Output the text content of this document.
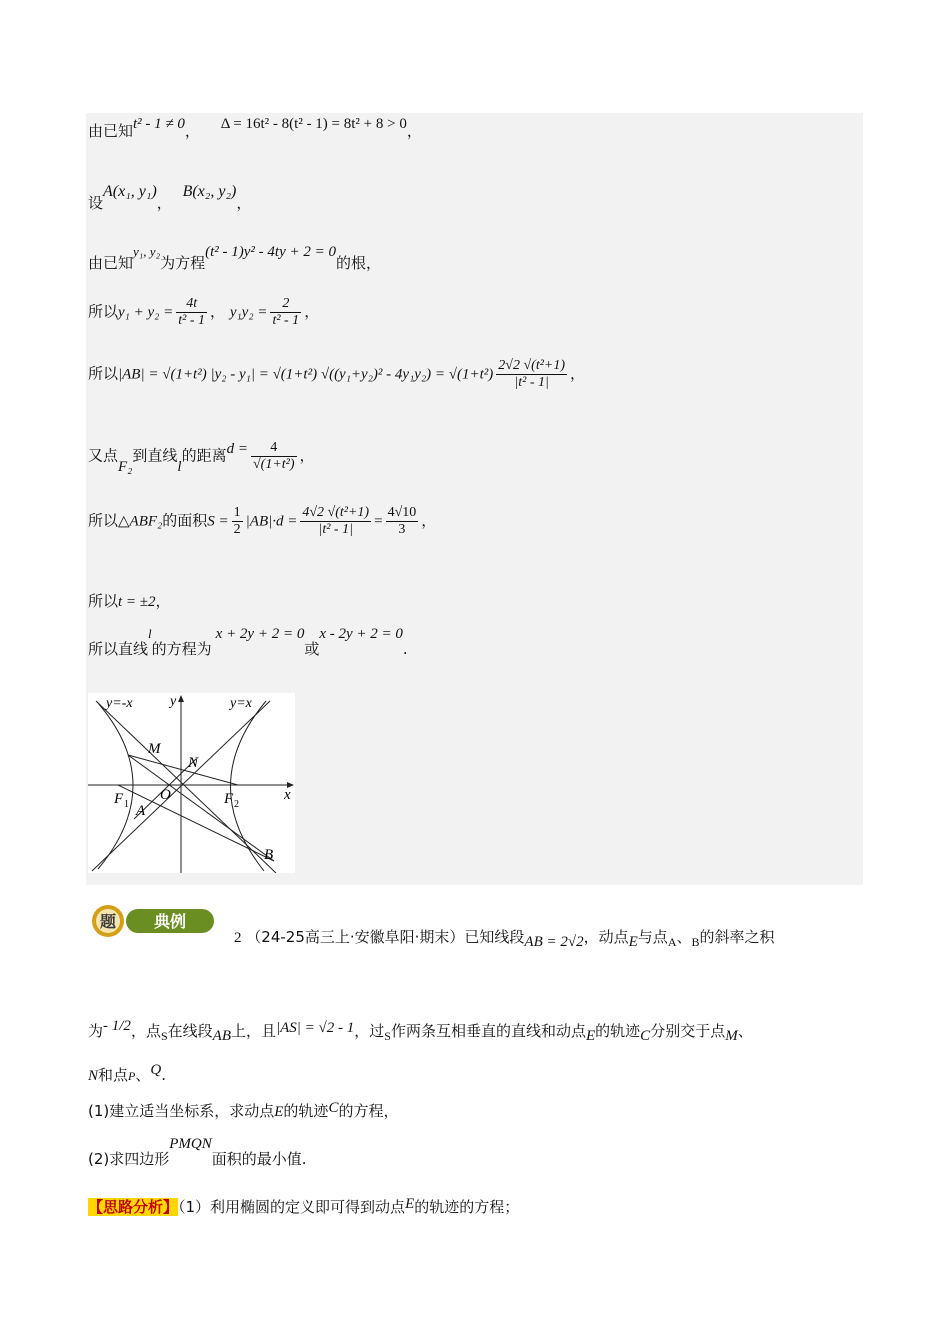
由已知t² - 1 ≠ 0， Δ = 16t² - 8(t² - 1) = 8t² + 8 > 0，
设A(x₁, y₁)， B(x₂, y₂)，
由已知y₁, y₂为方程(t² - 1)y² - 4ty + 2 = 0的根，
所以$y_1 + y_2 = \frac{4t}{\text{t² - 1}}$ ， $y_1y_2 = \frac{2}{\text{t² - 1}}$ ，
所以|AB| = √(1+t²) |y₂ - y₁| = √(1+t²) $√((y_1+y_2)^2 - 4y_1y_2) = √(1+t^2) \frac{\text{2√2 √(t²+1)}}{\text{|t² - 1|}}$ ，
又点F₂到直线l的距离$d = \frac{4}{\text{√(1+t²)}}$ ，
所以△ABF₂的面积$S = \frac{1}{2} |AB|\cdot d = \frac{\text{4√2 √(t²+1)}}{\text{|t² - 1|}} = \frac{4√10}{3}$ ，
所以t = ±2，
所以直线l的方程为x + 2y + 2 = 0或x - 2y + 2 = 0.
y=-x	y	y=x
x
M
N
O
F 1	F 2
A
B
题 典例
2 （24-25高三上·安徽阜阳·期末）已知线段AB = 2√2，动点E与点$_A$、$_B$的斜率之积
为- 1/2，点$_S$在线段AB上，且|AS| = √2 - 1，过$_S$作两条互相垂直的直线和动点E的轨迹C分别交于点M、
N和点P、Q.
(1)建立适当坐标系，求动点E的轨迹C的方程，
(2)求四边形PMQN面积的最小值.
【思路分析】（1）利用椭圆的定义即可得到动点E的轨迹的方程；
